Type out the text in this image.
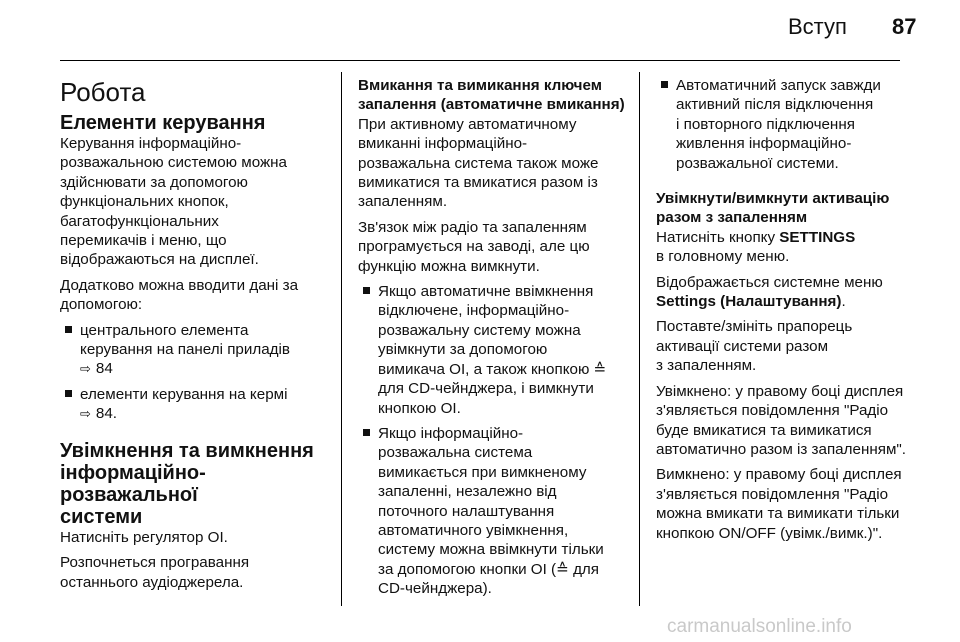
Вступ 87
Робота
Елементи керування

Керування інформаційно-
розважальною системою можна
здійснювати за допомогою
функціональних кнопок,
багатофункціональних
перемикачів і меню, що
відображаються на дисплеї.

Додатково можна вводити дані за
допомогою:

центрального елемента
керування на панелі приладів
⇨ 84
елементи керування на кермі
⇨ 84.
Увімкнення та вимкнення
інформаційно-розважальної
системи

Натисніть регулятор OI.

Розпочнеться програвання
останнього аудіоджерела.

Вмикання та вимикання ключем
запалення (автоматичне вмикання)

При активному автоматичному
вмиканні інформаційно-
розважальна система також може
вимикатися та вмикатися разом із
запаленням.

Зв'язок між радіо та запаленням
програмується на заводі, але цю
функцію можна вимкнути.

Якщо автоматичне ввімкнення
відключене, інформаційно-
розважальну систему можна
увімкнути за допомогою
вимикача OI, а також кнопкою ≙
для CD-чейнджера, і вимкнути
кнопкою OI.
Якщо інформаційно-
розважальна система
вимикається при вимкненому
запаленні, незалежно від
поточного налаштування
автоматичного увімкнення,
систему можна ввімкнути тільки
за допомогою кнопки OI (≙ для
CD-чейнджера).
Автоматичний запуск завжди
активний після відключення
і повторного підключення
живлення інформаційно-
розважальної системи.
Увімкнути/вимкнути активацію
разом з запаленням

Натисніть кнопку SETTINGS
в головному меню.

Відображається системне меню
Settings (Налаштування).

Поставте/змініть прапорець
активації системи разом
з запаленням.

Увімкнено: у правому боці дисплея
з'являється повідомлення "Радіо
буде вмикатися та вимикатися
автоматично разом із запаленням".

Вимкнено: у правому боці дисплея
з'являється повідомлення "Радіо
можна вмикати та вимикати тільки
кнопкою ON/OFF (увімк./вимк.)".

carmanualsonline.info
